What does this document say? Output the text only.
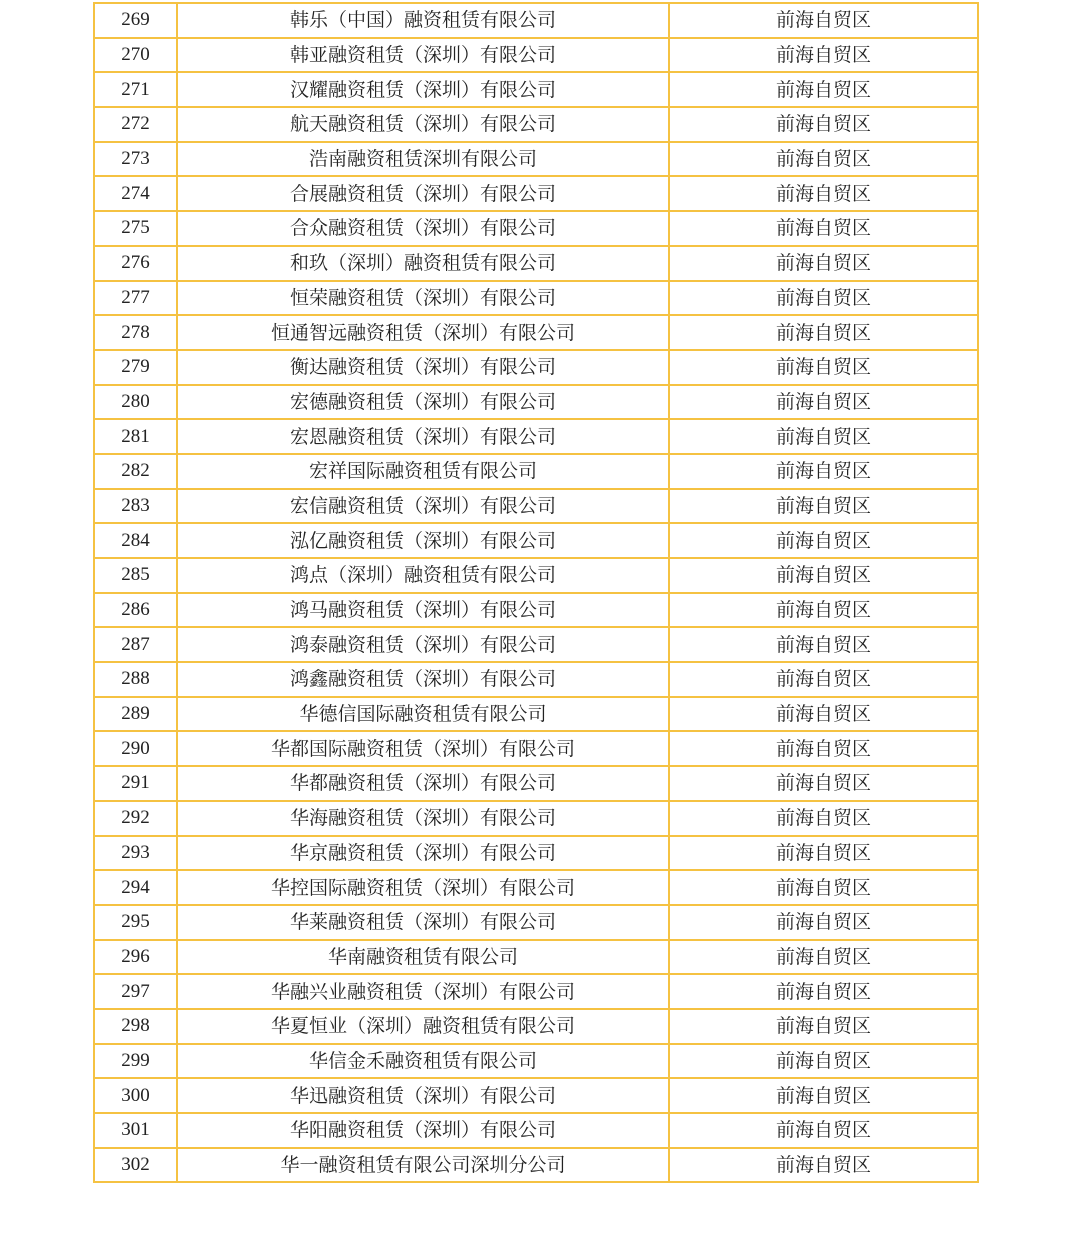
269	韩乐（中国）融资租赁有限公司	前海自贸区
270	韩亚融资租赁（深圳）有限公司	前海自贸区
271	汉耀融资租赁（深圳）有限公司	前海自贸区
272	航天融资租赁（深圳）有限公司	前海自贸区
273	浩南融资租赁深圳有限公司	前海自贸区
274	合展融资租赁（深圳）有限公司	前海自贸区
275	合众融资租赁（深圳）有限公司	前海自贸区
276	和玖（深圳）融资租赁有限公司	前海自贸区
277	恒荣融资租赁（深圳）有限公司	前海自贸区
278	恒通智远融资租赁（深圳）有限公司	前海自贸区
279	衡达融资租赁（深圳）有限公司	前海自贸区
280	宏德融资租赁（深圳）有限公司	前海自贸区
281	宏恩融资租赁（深圳）有限公司	前海自贸区
282	宏祥国际融资租赁有限公司	前海自贸区
283	宏信融资租赁（深圳）有限公司	前海自贸区
284	泓亿融资租赁（深圳）有限公司	前海自贸区
285	鸿点（深圳）融资租赁有限公司	前海自贸区
286	鸿马融资租赁（深圳）有限公司	前海自贸区
287	鸿泰融资租赁（深圳）有限公司	前海自贸区
288	鸿鑫融资租赁（深圳）有限公司	前海自贸区
289	华德信国际融资租赁有限公司	前海自贸区
290	华都国际融资租赁（深圳）有限公司	前海自贸区
291	华都融资租赁（深圳）有限公司	前海自贸区
292	华海融资租赁（深圳）有限公司	前海自贸区
293	华京融资租赁（深圳）有限公司	前海自贸区
294	华控国际融资租赁（深圳）有限公司	前海自贸区
295	华莱融资租赁（深圳）有限公司	前海自贸区
296	华南融资租赁有限公司	前海自贸区
297	华融兴业融资租赁（深圳）有限公司	前海自贸区
298	华夏恒业（深圳）融资租赁有限公司	前海自贸区
299	华信金禾融资租赁有限公司	前海自贸区
300	华迅融资租赁（深圳）有限公司	前海自贸区
301	华阳融资租赁（深圳）有限公司	前海自贸区
302	华一融资租赁有限公司深圳分公司	前海自贸区
